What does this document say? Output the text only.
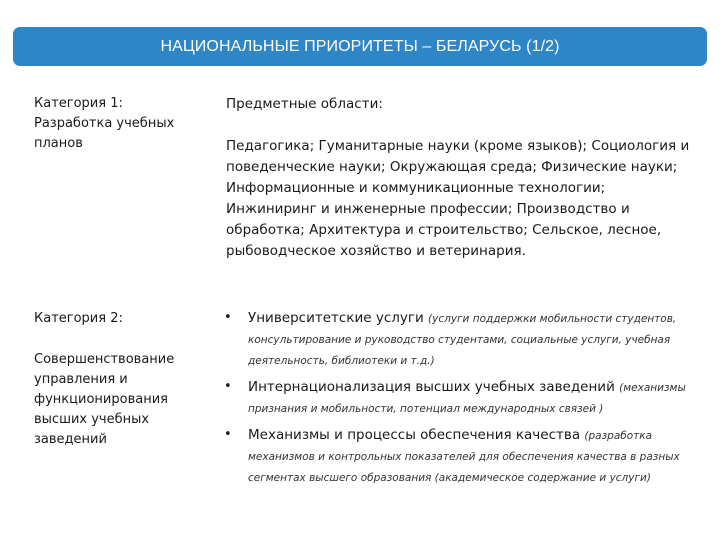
НАЦИОНАЛЬНЫЕ ПРИОРИТЕТЫ – БЕЛАРУСЬ (1/2)
Категория 1:
Разработка учебных планов
Предметные области:
Педагогика; Гуманитарные науки (кроме языков); Социология и поведенческие науки; Окружающая среда; Физические науки; Информационные и коммуникационные технологии; Инжиниринг и инженерные профессии; Производство и обработка; Архитектура и строительство; Сельское, лесное, рыбоводческое хозяйство и ветеринария.
Категория 2:
Совершенствование управления и функционирования высших учебных заведений
• Университетские услуги (услуги поддержки мобильности студентов, консультирование и руководство студентами, социальные услуги, учебная деятельность, библиотеки и т.д.)
• Интернационализация высших учебных заведений (механизмы признания и мобильности, потенциал международных связей )
• Механизмы и процессы обеспечения качества (разработка механизмов и контрольных показателей для обеспечения качества в разных сегментах высшего образования (академическое содержание и услуги)
